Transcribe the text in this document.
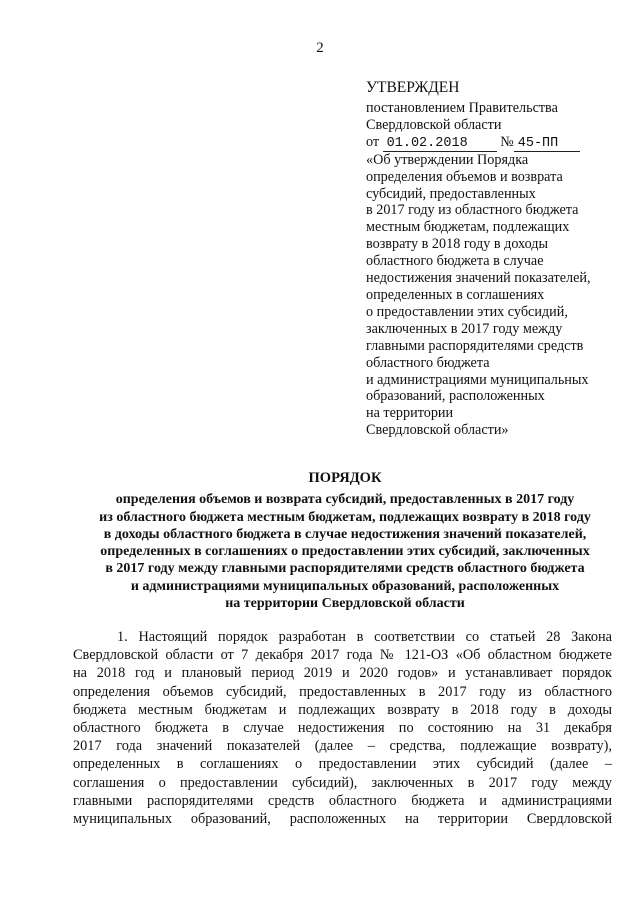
2
УТВЕРЖДЕН
постановлением Правительства
Свердловской области
от 01.02.2018 № 45-ПП
«Об утверждении Порядка
определения объемов и возврата
субсидий, предоставленных
в 2017 году из областного бюджета
местным бюджетам, подлежащих
возврату в 2018 году в доходы
областного бюджета в случае
недостижения значений показателей,
определенных в соглашениях
о предоставлении этих субсидий,
заключенных в 2017 году между
главными распорядителями средств
областного бюджета
и администрациями муниципальных
образований, расположенных
на территории
Свердловской области»
ПОРЯДОК
определения объемов и возврата субсидий, предоставленных в 2017 году
из областного бюджета местным бюджетам, подлежащих возврату в 2018 году
в доходы областного бюджета в случае недостижения значений показателей,
определенных в соглашениях о предоставлении этих субсидий, заключенных
в 2017 году между главными распорядителями средств областного бюджета
и администрациями муниципальных образований, расположенных
на территории Свердловской области
1. Настоящий порядок разработан в соответствии со статьей 28 Закона
Свердловской области от 7 декабря 2017 года № 121-ОЗ «Об областном бюджете
на 2018 год и плановый период 2019 и 2020 годов» и устанавливает порядок
определения объемов субсидий, предоставленных в 2017 году из областного
бюджета местным бюджетам и подлежащих возврату в 2018 году в доходы
областного бюджета в случае недостижения по состоянию на 31 декабря
2017 года значений показателей (далее – средства, подлежащие возврату),
определенных в соглашениях о предоставлении этих субсидий (далее –
соглашения о предоставлении субсидий), заключенных в 2017 году между
главными распорядителями средств областного бюджета и администрациями
муниципальных образований, расположенных на территории Свердловской
